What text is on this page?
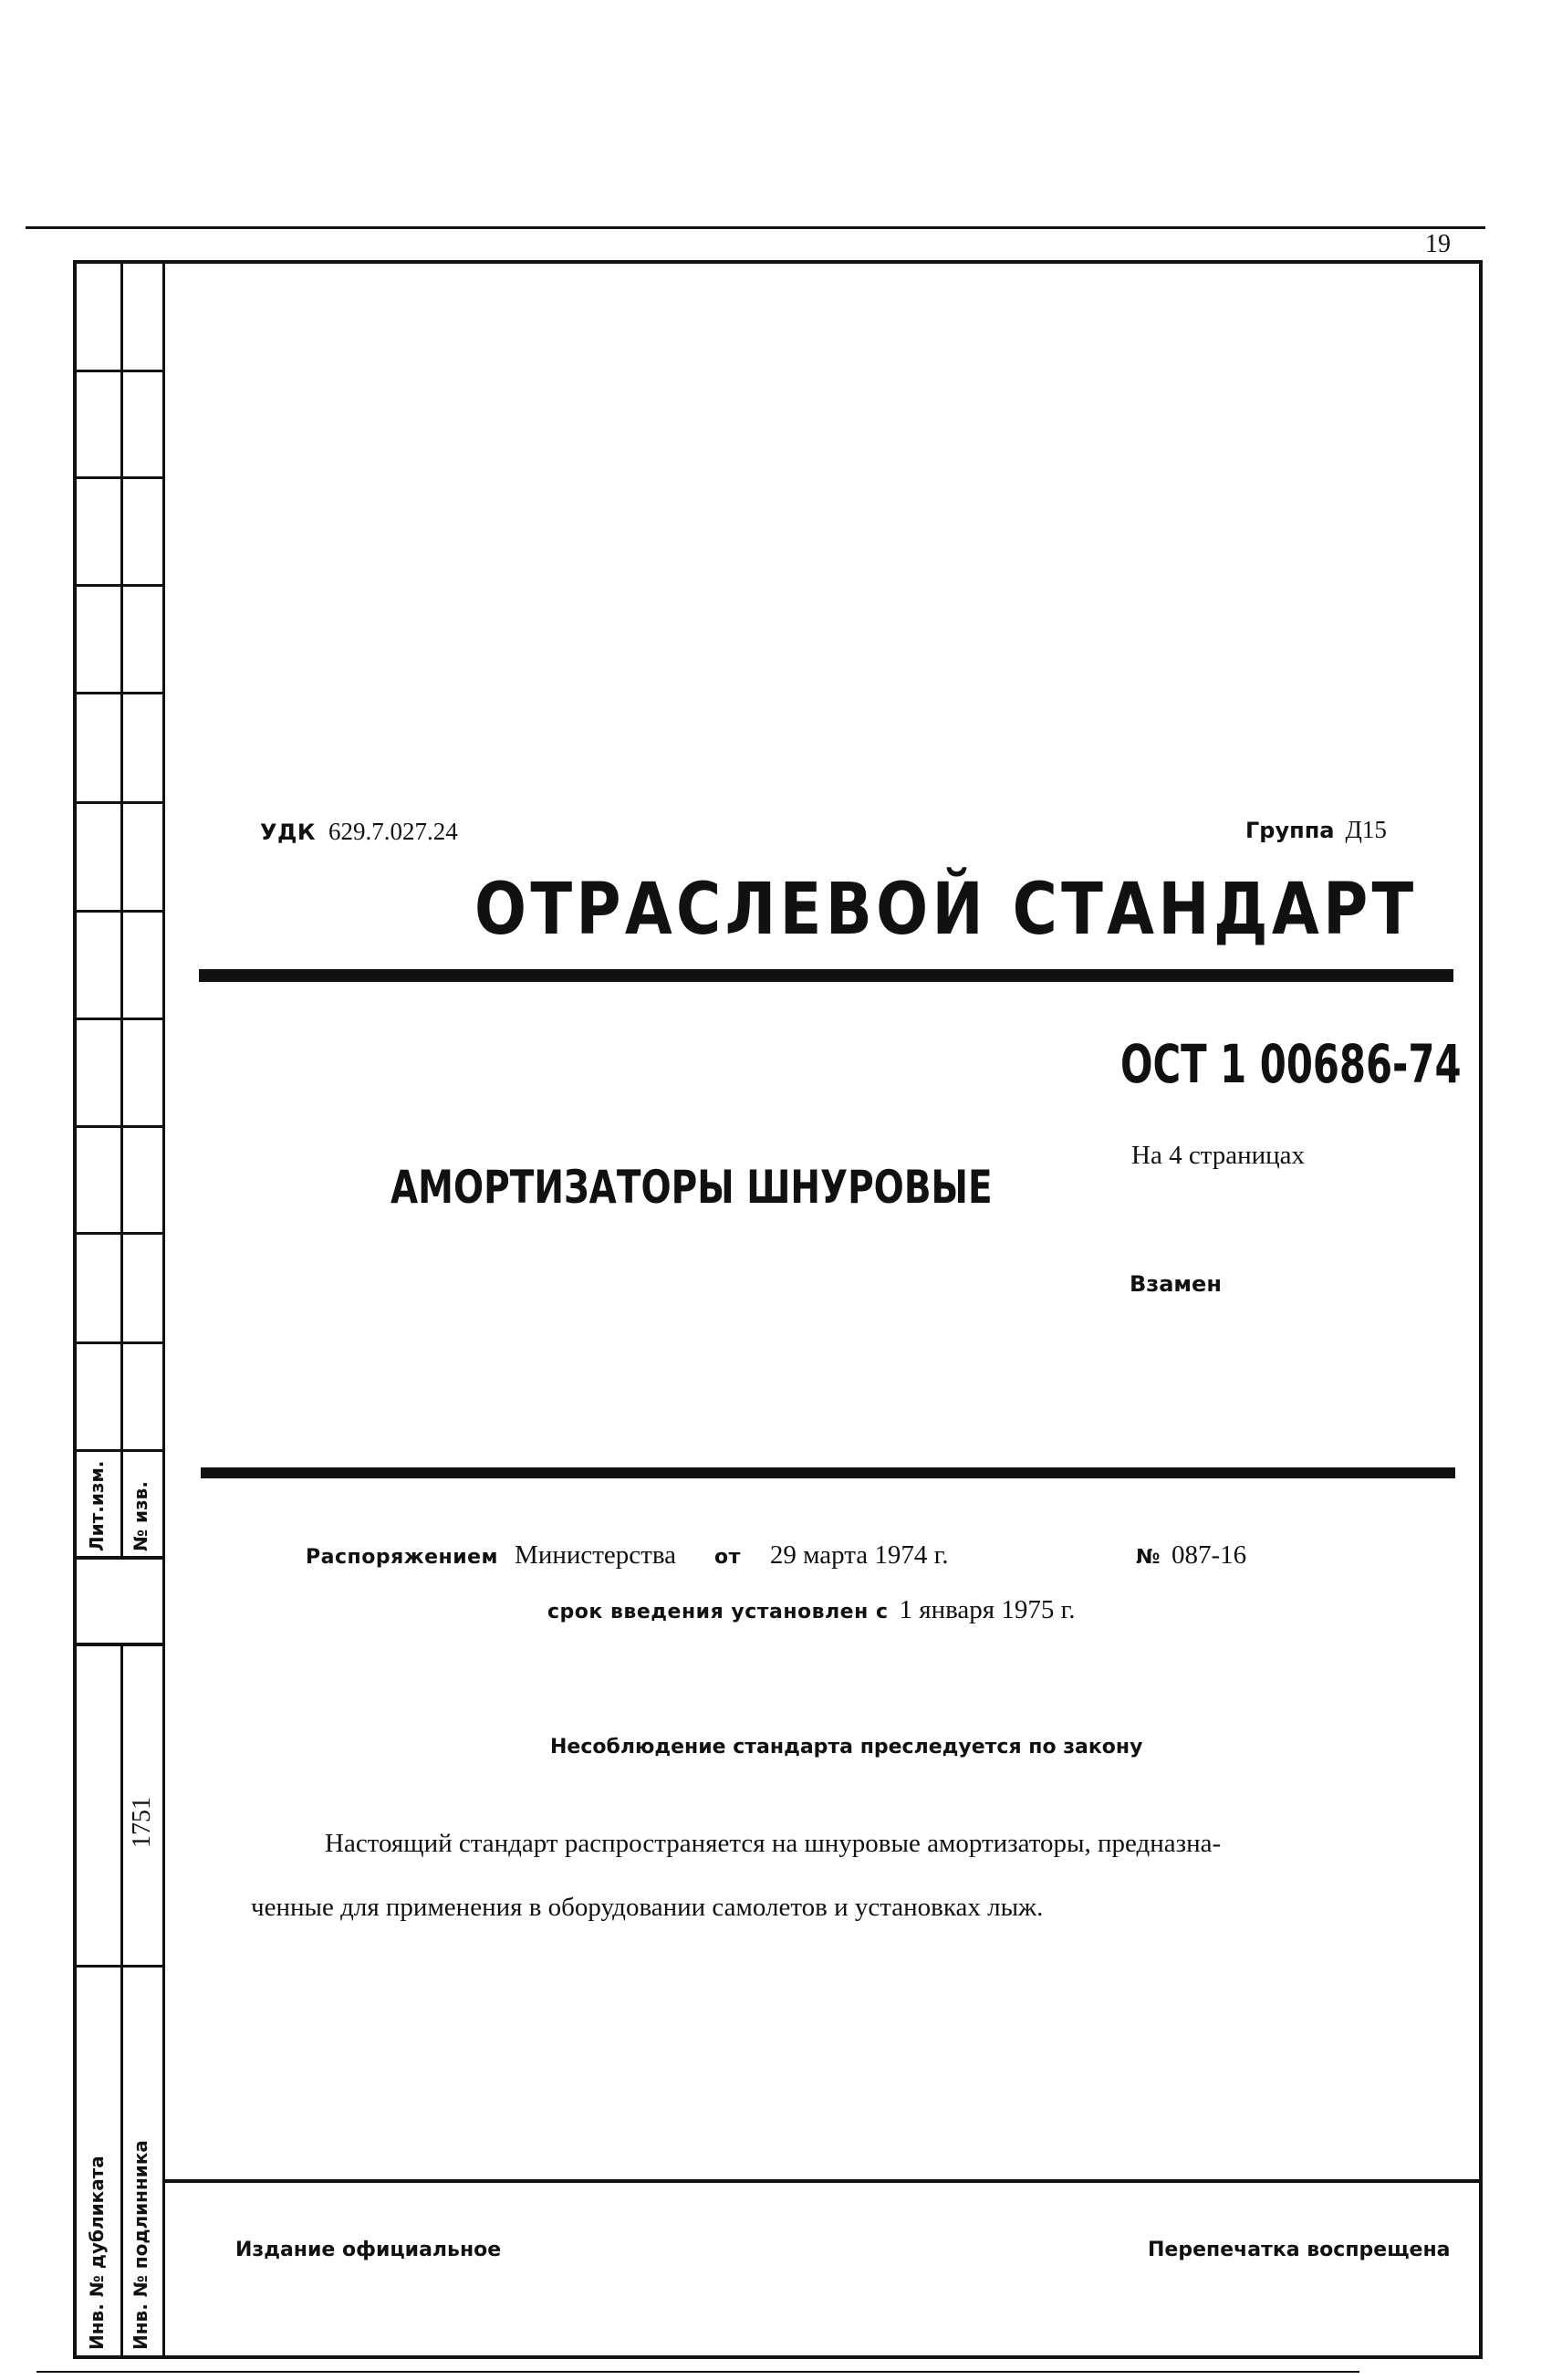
19
Лит.изм. № изв.
1751
Инв. № дубликата Инв. № подлинника
УДК 629.7.027.24	Группа Д15
ОТРАСЛЕВОЙ СТАНДАРТ
ОСТ 1 00686-74
АМОРТИЗАТОРЫ ШНУРОВЫЕ
На 4 страницах
Взамен
Распоряжением Министерства от 29 марта 1974 г.	№ 087-16
срок введения установлен с 1 января 1975 г.
Несоблюдение стандарта преследуется по закону
Настоящий стандарт распространяется на шнуровые амортизаторы, предназна-
ченные для применения в оборудовании самолетов и установках лыж.
Издание официальное	Перепечатка воспрещена
